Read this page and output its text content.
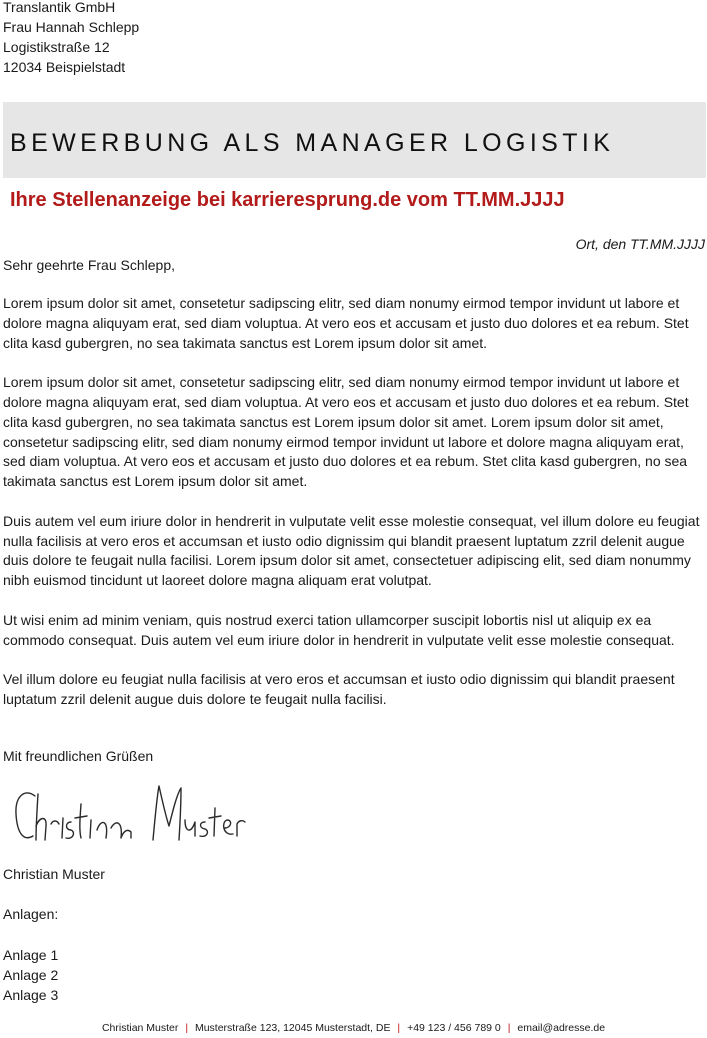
Translantik GmbH
Frau Hannah Schlepp
Logistikstraße 12
12034 Beispielstadt
BEWERBUNG ALS MANAGER LOGISTIK
Ihre Stellenanzeige bei karrieresprung.de vom TT.MM.JJJJ
Ort, den TT.MM.JJJJ
Sehr geehrte Frau Schlepp,

Lorem ipsum dolor sit amet, consetetur sadipscing elitr, sed diam nonumy eirmod tempor invidunt ut labore et dolore magna aliquyam erat, sed diam voluptua. At vero eos et accusam et justo duo dolores et ea rebum. Stet clita kasd gubergren, no sea takimata sanctus est Lorem ipsum dolor sit amet.

Lorem ipsum dolor sit amet, consetetur sadipscing elitr, sed diam nonumy eirmod tempor invidunt ut labore et dolore magna aliquyam erat, sed diam voluptua. At vero eos et accusam et justo duo dolores et ea rebum. Stet clita kasd gubergren, no sea takimata sanctus est Lorem ipsum dolor sit amet. Lorem ipsum dolor sit amet, consetetur sadipscing elitr, sed diam nonumy eirmod tempor invidunt ut labore et dolore magna aliquyam erat, sed diam voluptua. At vero eos et accusam et justo duo dolores et ea rebum. Stet clita kasd gubergren, no sea takimata sanctus est Lorem ipsum dolor sit amet.

Duis autem vel eum iriure dolor in hendrerit in vulputate velit esse molestie consequat, vel illum dolore eu feugiat nulla facilisis at vero eros et accumsan et iusto odio dignissim qui blandit praesent luptatum zzril delenit augue duis dolore te feugait nulla facilisi. Lorem ipsum dolor sit amet, consectetuer adipiscing elit, sed diam nonummy nibh euismod tincidunt ut laoreet dolore magna aliquam erat volutpat.

Ut wisi enim ad minim veniam, quis nostrud exerci tation ullamcorper suscipit lobortis nisl ut aliquip ex ea commodo consequat. Duis autem vel eum iriure dolor in hendrerit in vulputate velit esse molestie consequat.

Vel illum dolore eu feugiat nulla facilisis at vero eros et accumsan et iusto odio dignissim qui blandit praesent luptatum zzril delenit augue duis dolore te feugait nulla facilisi.

Mit freundlichen Grüßen
Christian Muster
Anlagen:
Anlage 1
Anlage 2
Anlage 3
Christian Muster | Musterstraße 123, 12045 Musterstadt, DE | +49 123 / 456 789 0 | email@adresse.de
